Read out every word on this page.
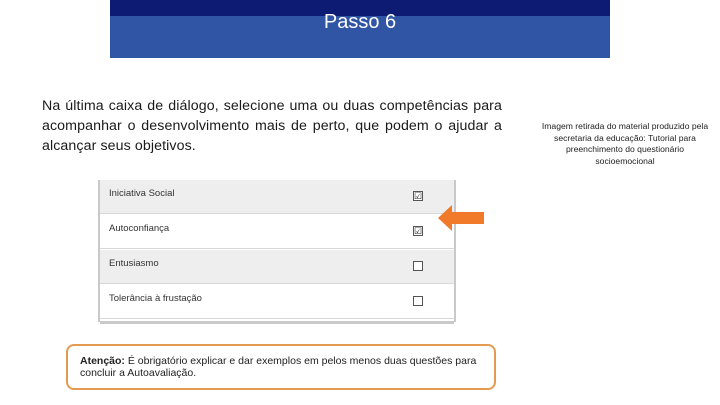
Passo 6

Na última caixa de diálogo, selecione uma ou duas competências para acompanhar o desenvolvimento mais de perto, que podem o ajudar a alcançar seus objetivos.

Imagem retirada do material produzido pela secretaria da educação: Tutorial para preenchimento do questionário socioemocional

Iniciativa Social	☑
Autoconfiança	☑
Entusiasmo
Tolerância à frustação
Atenção: É obrigatório explicar e dar exemplos em pelos menos duas questões para concluir a Autoavaliação.
